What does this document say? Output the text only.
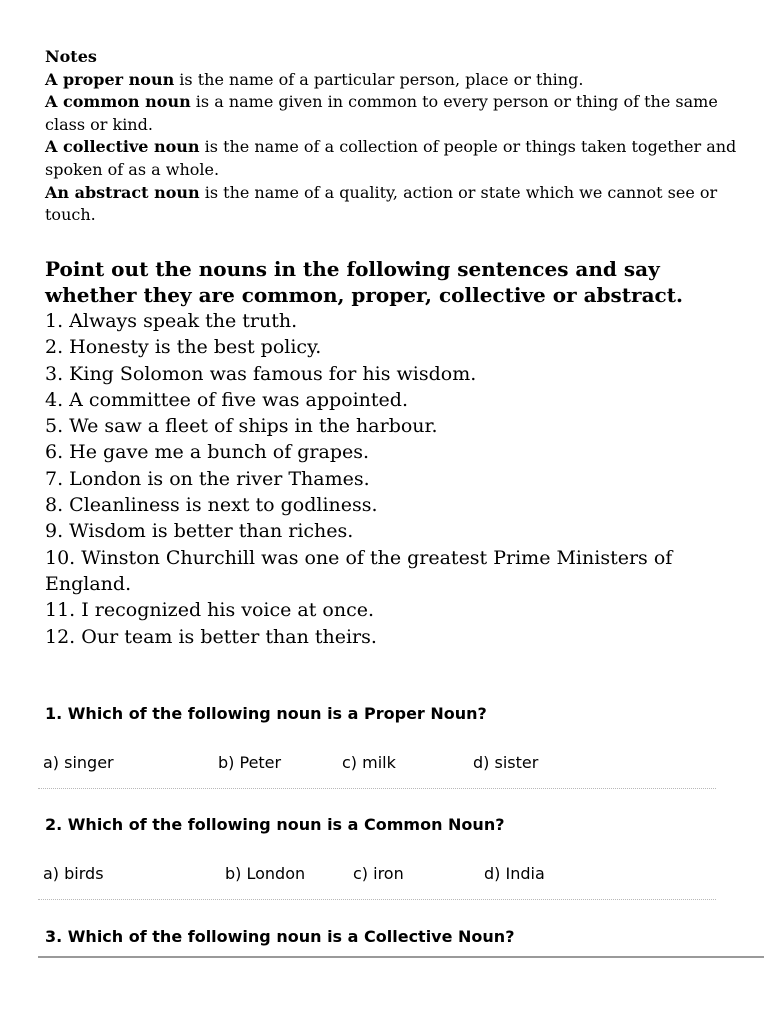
Notes

A proper noun is the name of a particular person, place or thing.

A common noun is a name given in common to every person or thing of the same class or kind.

A collective noun is the name of a collection of people or things taken together and spoken of as a whole.

An abstract noun is the name of a quality, action or state which we cannot see or touch.

Point out the nouns in the following sentences and say whether they are common, proper, collective or abstract.
1. Always speak the truth.
2. Honesty is the best policy.
3. King Solomon was famous for his wisdom.
4. A committee of five was appointed.
5. We saw a fleet of ships in the harbour.
6. He gave me a bunch of grapes.
7. London is on the river Thames.
8. Cleanliness is next to godliness.
9. Wisdom is better than riches.
10. Winston Churchill was one of the greatest Prime Ministers of England.
11. I recognized his voice at once.
12. Our team is better than theirs.
1. Which of the following noun is a Proper Noun?
a) singer	b) Peter	c) milk	d) sister
2. Which of the following noun is a Common Noun?
a) birds	b) London	c) iron	d) India
3. Which of the following noun is a Collective Noun?
